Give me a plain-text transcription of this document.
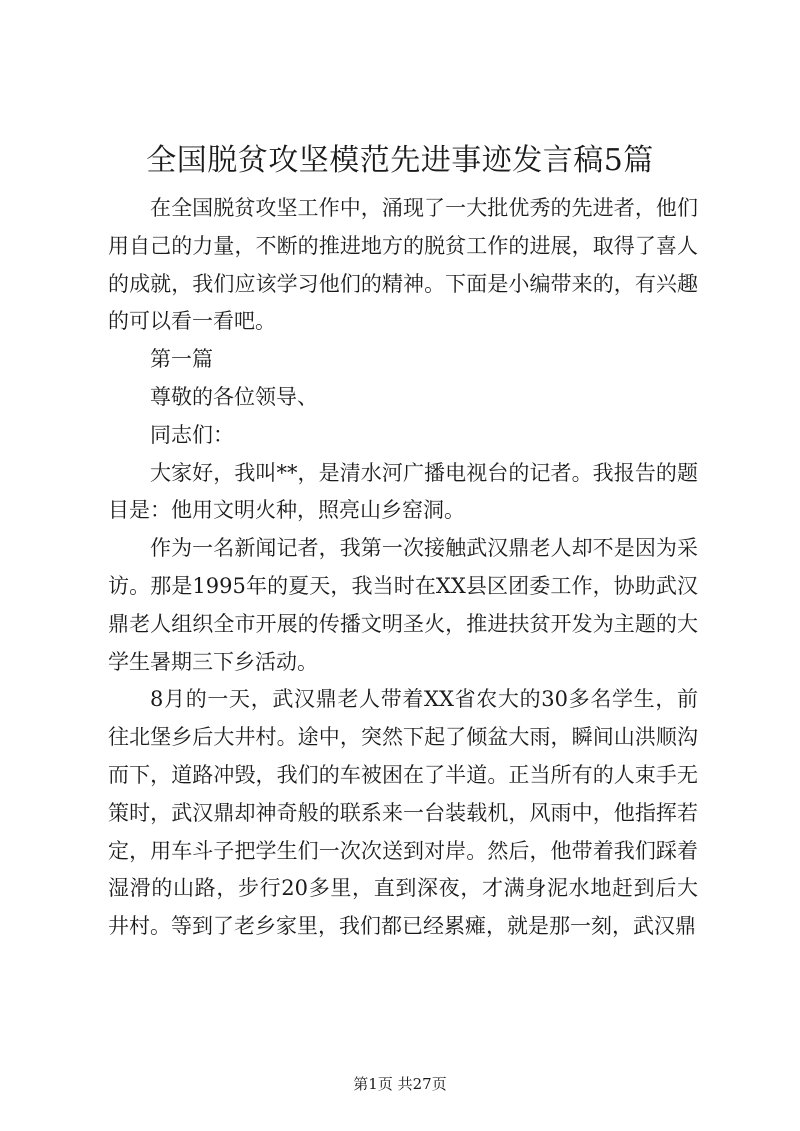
全国脱贫攻坚模范先进事迹发言稿5篇

在全国脱贫攻坚工作中，涌现了一大批优秀的先进者，他们用自己的力量，不断的推进地方的脱贫工作的进展，取得了喜人的成就，我们应该学习他们的精神。下面是小编带来的，有兴趣的可以看一看吧。

第一篇

尊敬的各位领导、

同志们：

大家好，我叫**，是清水河广播电视台的记者。我报告的题目是：他用文明火种，照亮山乡窑洞。

作为一名新闻记者，我第一次接触武汉鼎老人却不是因为采访。那是1995年的夏天，我当时在XX县区团委工作，协助武汉鼎老人组织全市开展的传播文明圣火，推进扶贫开发为主题的大学生暑期三下乡活动。

8月的一天，武汉鼎老人带着XX省农大的30多名学生，前往北堡乡后大井村。途中，突然下起了倾盆大雨，瞬间山洪顺沟而下，道路冲毁，我们的车被困在了半道。正当所有的人束手无策时，武汉鼎却神奇般的联系来一台装载机，风雨中，他指挥若定，用车斗子把学生们一次次送到对岸。然后，他带着我们踩着湿滑的山路，步行20多里，直到深夜，才满身泥水地赶到后大井村。等到了老乡家里，我们都已经累瘫，就是那一刻，武汉鼎

第1页 共27页
